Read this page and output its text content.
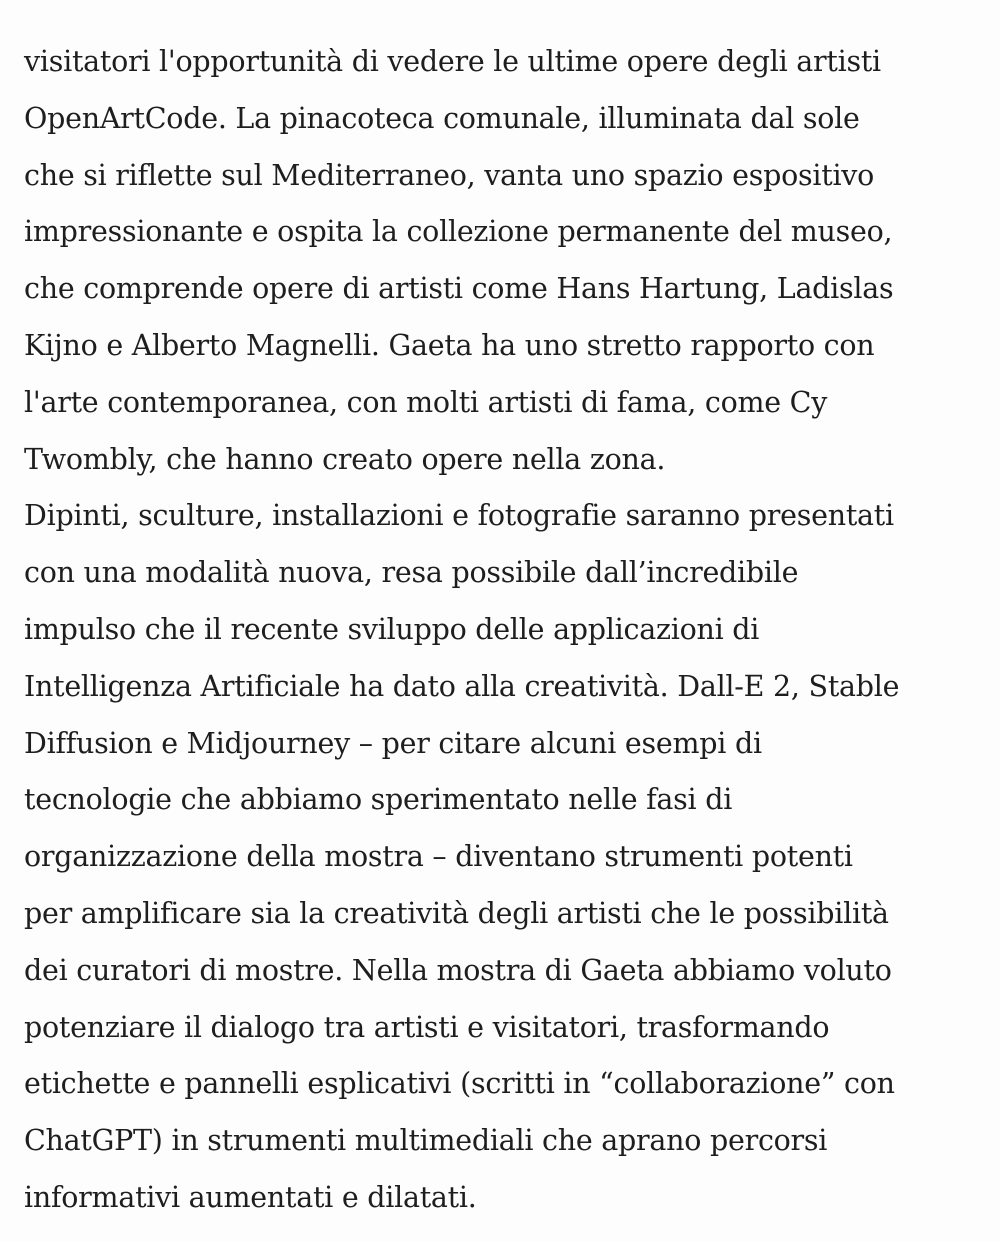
visitatori l'opportunità di vedere le ultime opere degli artisti
OpenArtCode. La pinacoteca comunale, illuminata dal sole
che si riflette sul Mediterraneo, vanta uno spazio espositivo
impressionante e ospita la collezione permanente del museo,
che comprende opere di artisti come Hans Hartung, Ladislas
Kijno e Alberto Magnelli. Gaeta ha uno stretto rapporto con
l'arte contemporanea, con molti artisti di fama, come Cy
Twombly, che hanno creato opere nella zona.
Dipinti, sculture, installazioni e fotografie saranno presentati
con una modalità nuova, resa possibile dall’incredibile
impulso che il recente sviluppo delle applicazioni di
Intelligenza Artificiale ha dato alla creatività. Dall-E 2, Stable
Diffusion e Midjourney – per citare alcuni esempi di
tecnologie che abbiamo sperimentato nelle fasi di
organizzazione della mostra – diventano strumenti potenti
per amplificare sia la creatività degli artisti che le possibilità
dei curatori di mostre. Nella mostra di Gaeta abbiamo voluto
potenziare il dialogo tra artisti e visitatori, trasformando
etichette e pannelli esplicativi (scritti in “collaborazione” con
ChatGPT) in strumenti multimediali che aprano percorsi
informativi aumentati e dilatati.
